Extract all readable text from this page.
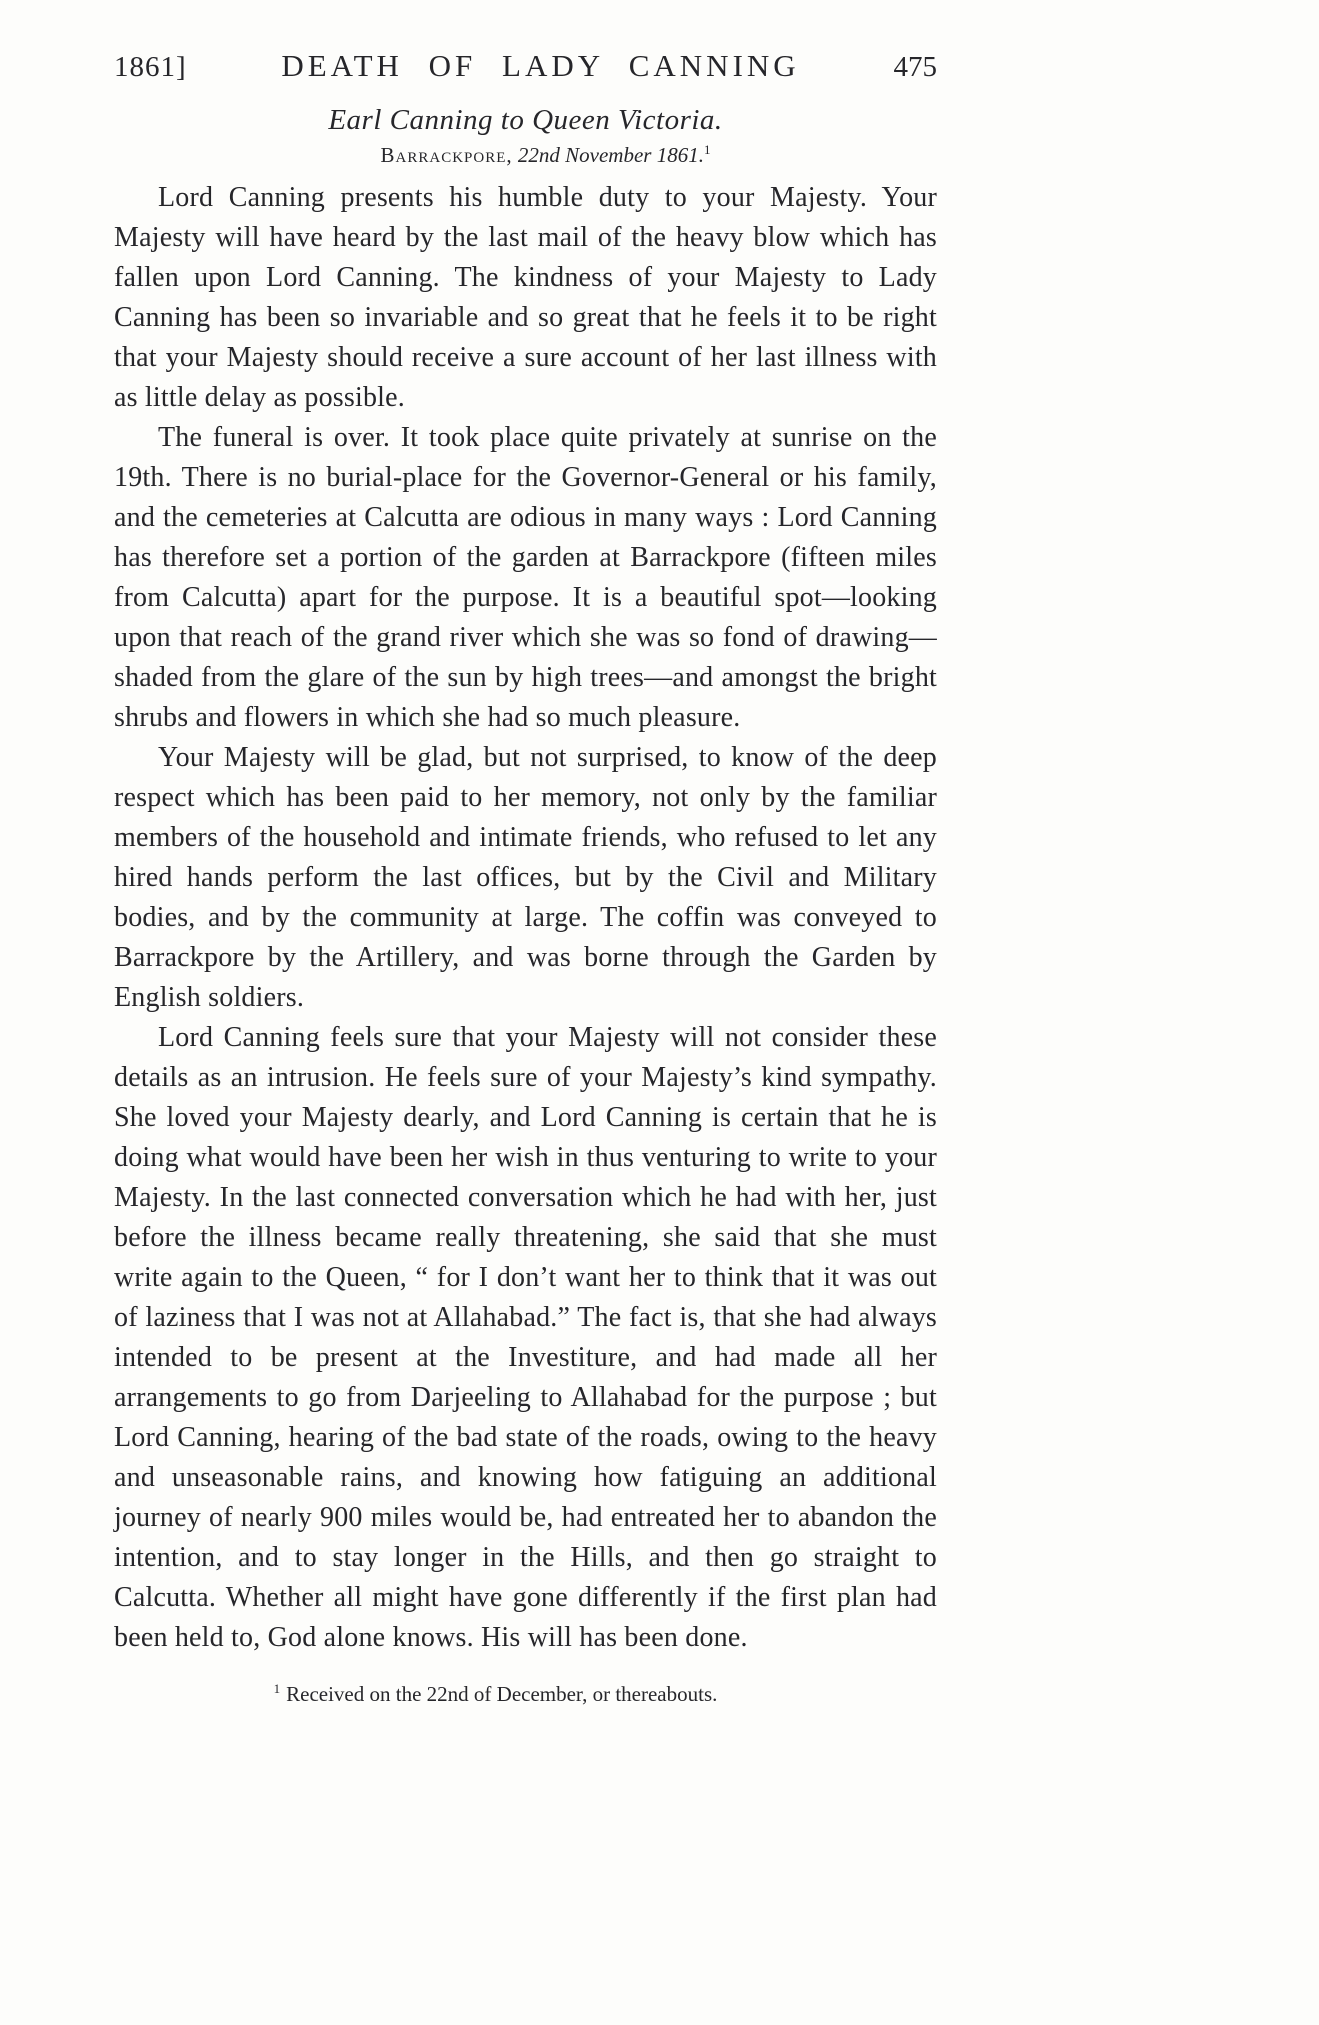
1861]	DEATH OF LADY CANNING	475
Earl Canning to Queen Victoria.
Barrackpore, 22nd November 1861.$^1$

Lord Canning presents his humble duty to your Majesty. Your Majesty will have heard by the last mail of the heavy blow which has fallen upon Lord Canning. The kindness of your Majesty to Lady Canning has been so invariable and so great that he feels it to be right that your Majesty should receive a sure account of her last illness with as little delay as possible.

The funeral is over. It took place quite privately at sunrise on the 19th. There is no burial-place for the Governor-General or his family, and the cemeteries at Calcutta are odious in many ways : Lord Canning has therefore set a portion of the garden at Barrackpore (fifteen miles from Calcutta) apart for the purpose. It is a beautiful spot—looking upon that reach of the grand river which she was so fond of drawing—shaded from the glare of the sun by high trees—and amongst the bright shrubs and flowers in which she had so much pleasure.

Your Majesty will be glad, but not surprised, to know of the deep respect which has been paid to her memory, not only by the familiar members of the household and intimate friends, who refused to let any hired hands perform the last offices, but by the Civil and Military bodies, and by the community at large. The coffin was conveyed to Barrackpore by the Artillery, and was borne through the Garden by English soldiers.

Lord Canning feels sure that your Majesty will not consider these details as an intrusion. He feels sure of your Majesty’s kind sympathy. She loved your Majesty dearly, and Lord Canning is certain that he is doing what would have been her wish in thus venturing to write to your Majesty. In the last connected conversation which he had with her, just before the illness became really threatening, she said that she must write again to the Queen, “ for I don’t want her to think that it was out of laziness that I was not at Allahabad.” The fact is, that she had always intended to be present at the Investiture, and had made all her arrangements to go from Darjeeling to Allahabad for the purpose ; but Lord Canning, hearing of the bad state of the roads, owing to the heavy and unseasonable rains, and knowing how fatiguing an additional journey of nearly 900 miles would be, had entreated her to abandon the intention, and to stay longer in the Hills, and then go straight to Calcutta. Whether all might have gone differently if the first plan had been held to, God alone knows. His will has been done.

$^1$ Received on the 22nd of December, or thereabouts.
